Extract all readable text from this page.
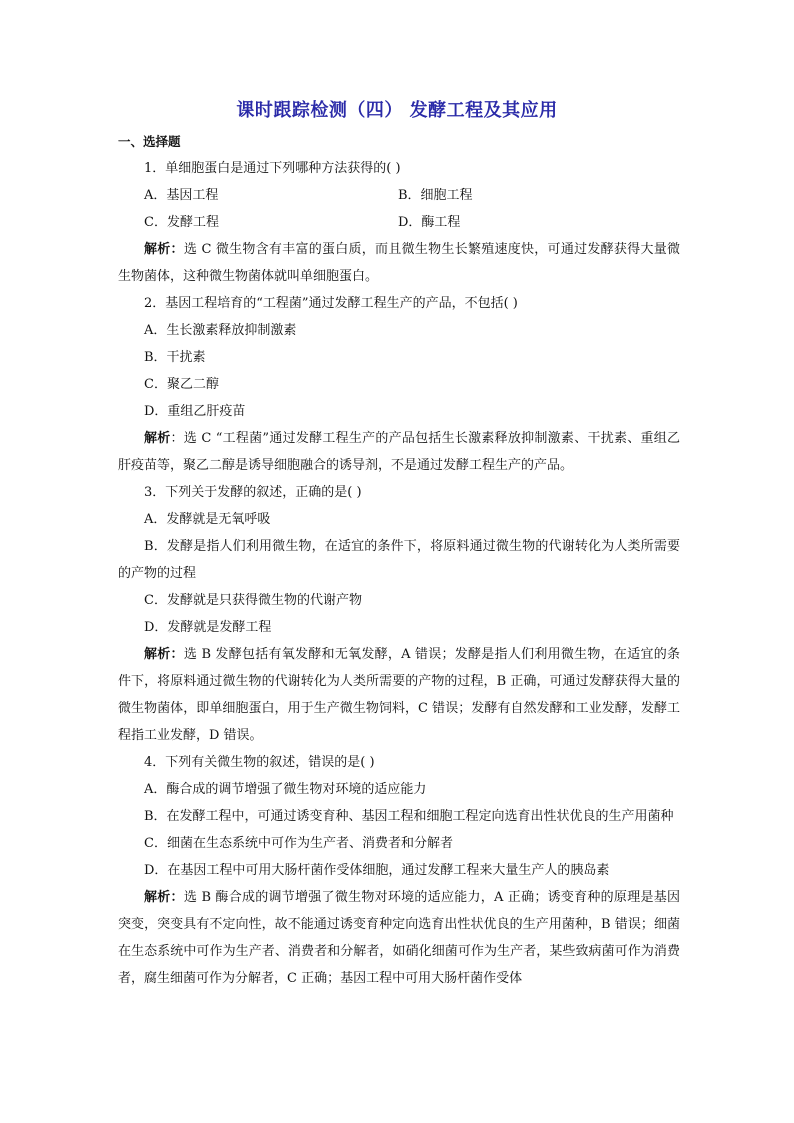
课时跟踪检测（四） 发酵工程及其应用
一、选择题
1．单细胞蛋白是通过下列哪种方法获得的( )
A．基因工程	B．细胞工程
C．发酵工程	D．酶工程
解析：选 C 微生物含有丰富的蛋白质，而且微生物生长繁殖速度快，可通过发酵获得大量微生物菌体，这种微生物菌体就叫单细胞蛋白。
2．基因工程培育的“工程菌”通过发酵工程生产的产品，不包括( )
A．生长激素释放抑制激素
B．干扰素
C．聚乙二醇
D．重组乙肝疫苗
解析：选 C “工程菌”通过发酵工程生产的产品包括生长激素释放抑制激素、干扰素、重组乙肝疫苗等，聚乙二醇是诱导细胞融合的诱导剂，不是通过发酵工程生产的产品。
3．下列关于发酵的叙述，正确的是( )
A．发酵就是无氧呼吸
B．发酵是指人们利用微生物，在适宜的条件下，将原料通过微生物的代谢转化为人类所需要的产物的过程
C．发酵就是只获得微生物的代谢产物
D．发酵就是发酵工程
解析：选 B 发酵包括有氧发酵和无氧发酵，A 错误；发酵是指人们利用微生物，在适宜的条件下，将原料通过微生物的代谢转化为人类所需要的产物的过程，B 正确，可通过发酵获得大量的微生物菌体，即单细胞蛋白，用于生产微生物饲料，C 错误；发酵有自然发酵和工业发酵，发酵工程指工业发酵，D 错误。
4．下列有关微生物的叙述，错误的是( )
A．酶合成的调节增强了微生物对环境的适应能力
B．在发酵工程中，可通过诱变育种、基因工程和细胞工程定向选育出性状优良的生产用菌种
C．细菌在生态系统中可作为生产者、消费者和分解者
D．在基因工程中可用大肠杆菌作受体细胞，通过发酵工程来大量生产人的胰岛素
解析：选 B 酶合成的调节增强了微生物对环境的适应能力，A 正确；诱变育种的原理是基因突变，突变具有不定向性，故不能通过诱变育种定向选育出性状优良的生产用菌种，B 错误；细菌在生态系统中可作为生产者、消费者和分解者，如硝化细菌可作为生产者，某些致病菌可作为消费者，腐生细菌可作为分解者，C 正确；基因工程中可用大肠杆菌作受体
